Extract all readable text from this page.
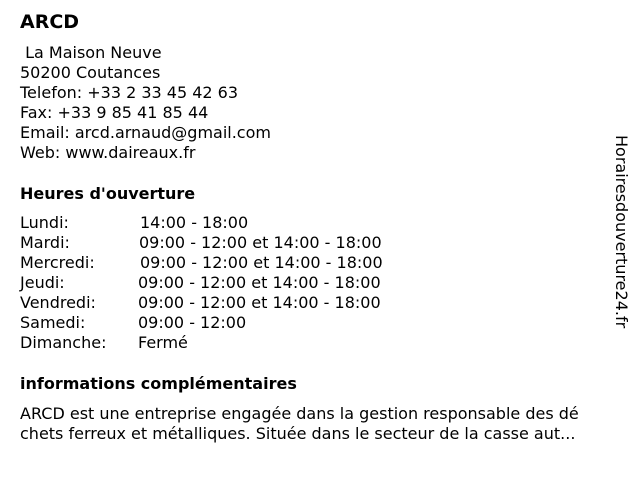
ARCD
La Maison Neuve
50200 Coutances
Telefon: +33 2 33 45 42 63
Fax: +33 9 85 41 85 44
Email: arcd.arnaud@gmail.com
Web: www.daireaux.fr
Heures d'ouverture
Lundi:	14:00 - 18:00
Mardi:	09:00 - 12:00 et 14:00 - 18:00
Mercredi:	09:00 - 12:00 et 14:00 - 18:00
Jeudi:	09:00 - 12:00 et 14:00 - 18:00
Vendredi:	09:00 - 12:00 et 14:00 - 18:00
Samedi:	09:00 - 12:00
Dimanche: Fermé
informations complémentaires
ARCD est une entreprise engagée dans la gestion responsable des dé
chets ferreux et métalliques. Située dans le secteur de la casse aut...
Horairesdouverture24.fr
